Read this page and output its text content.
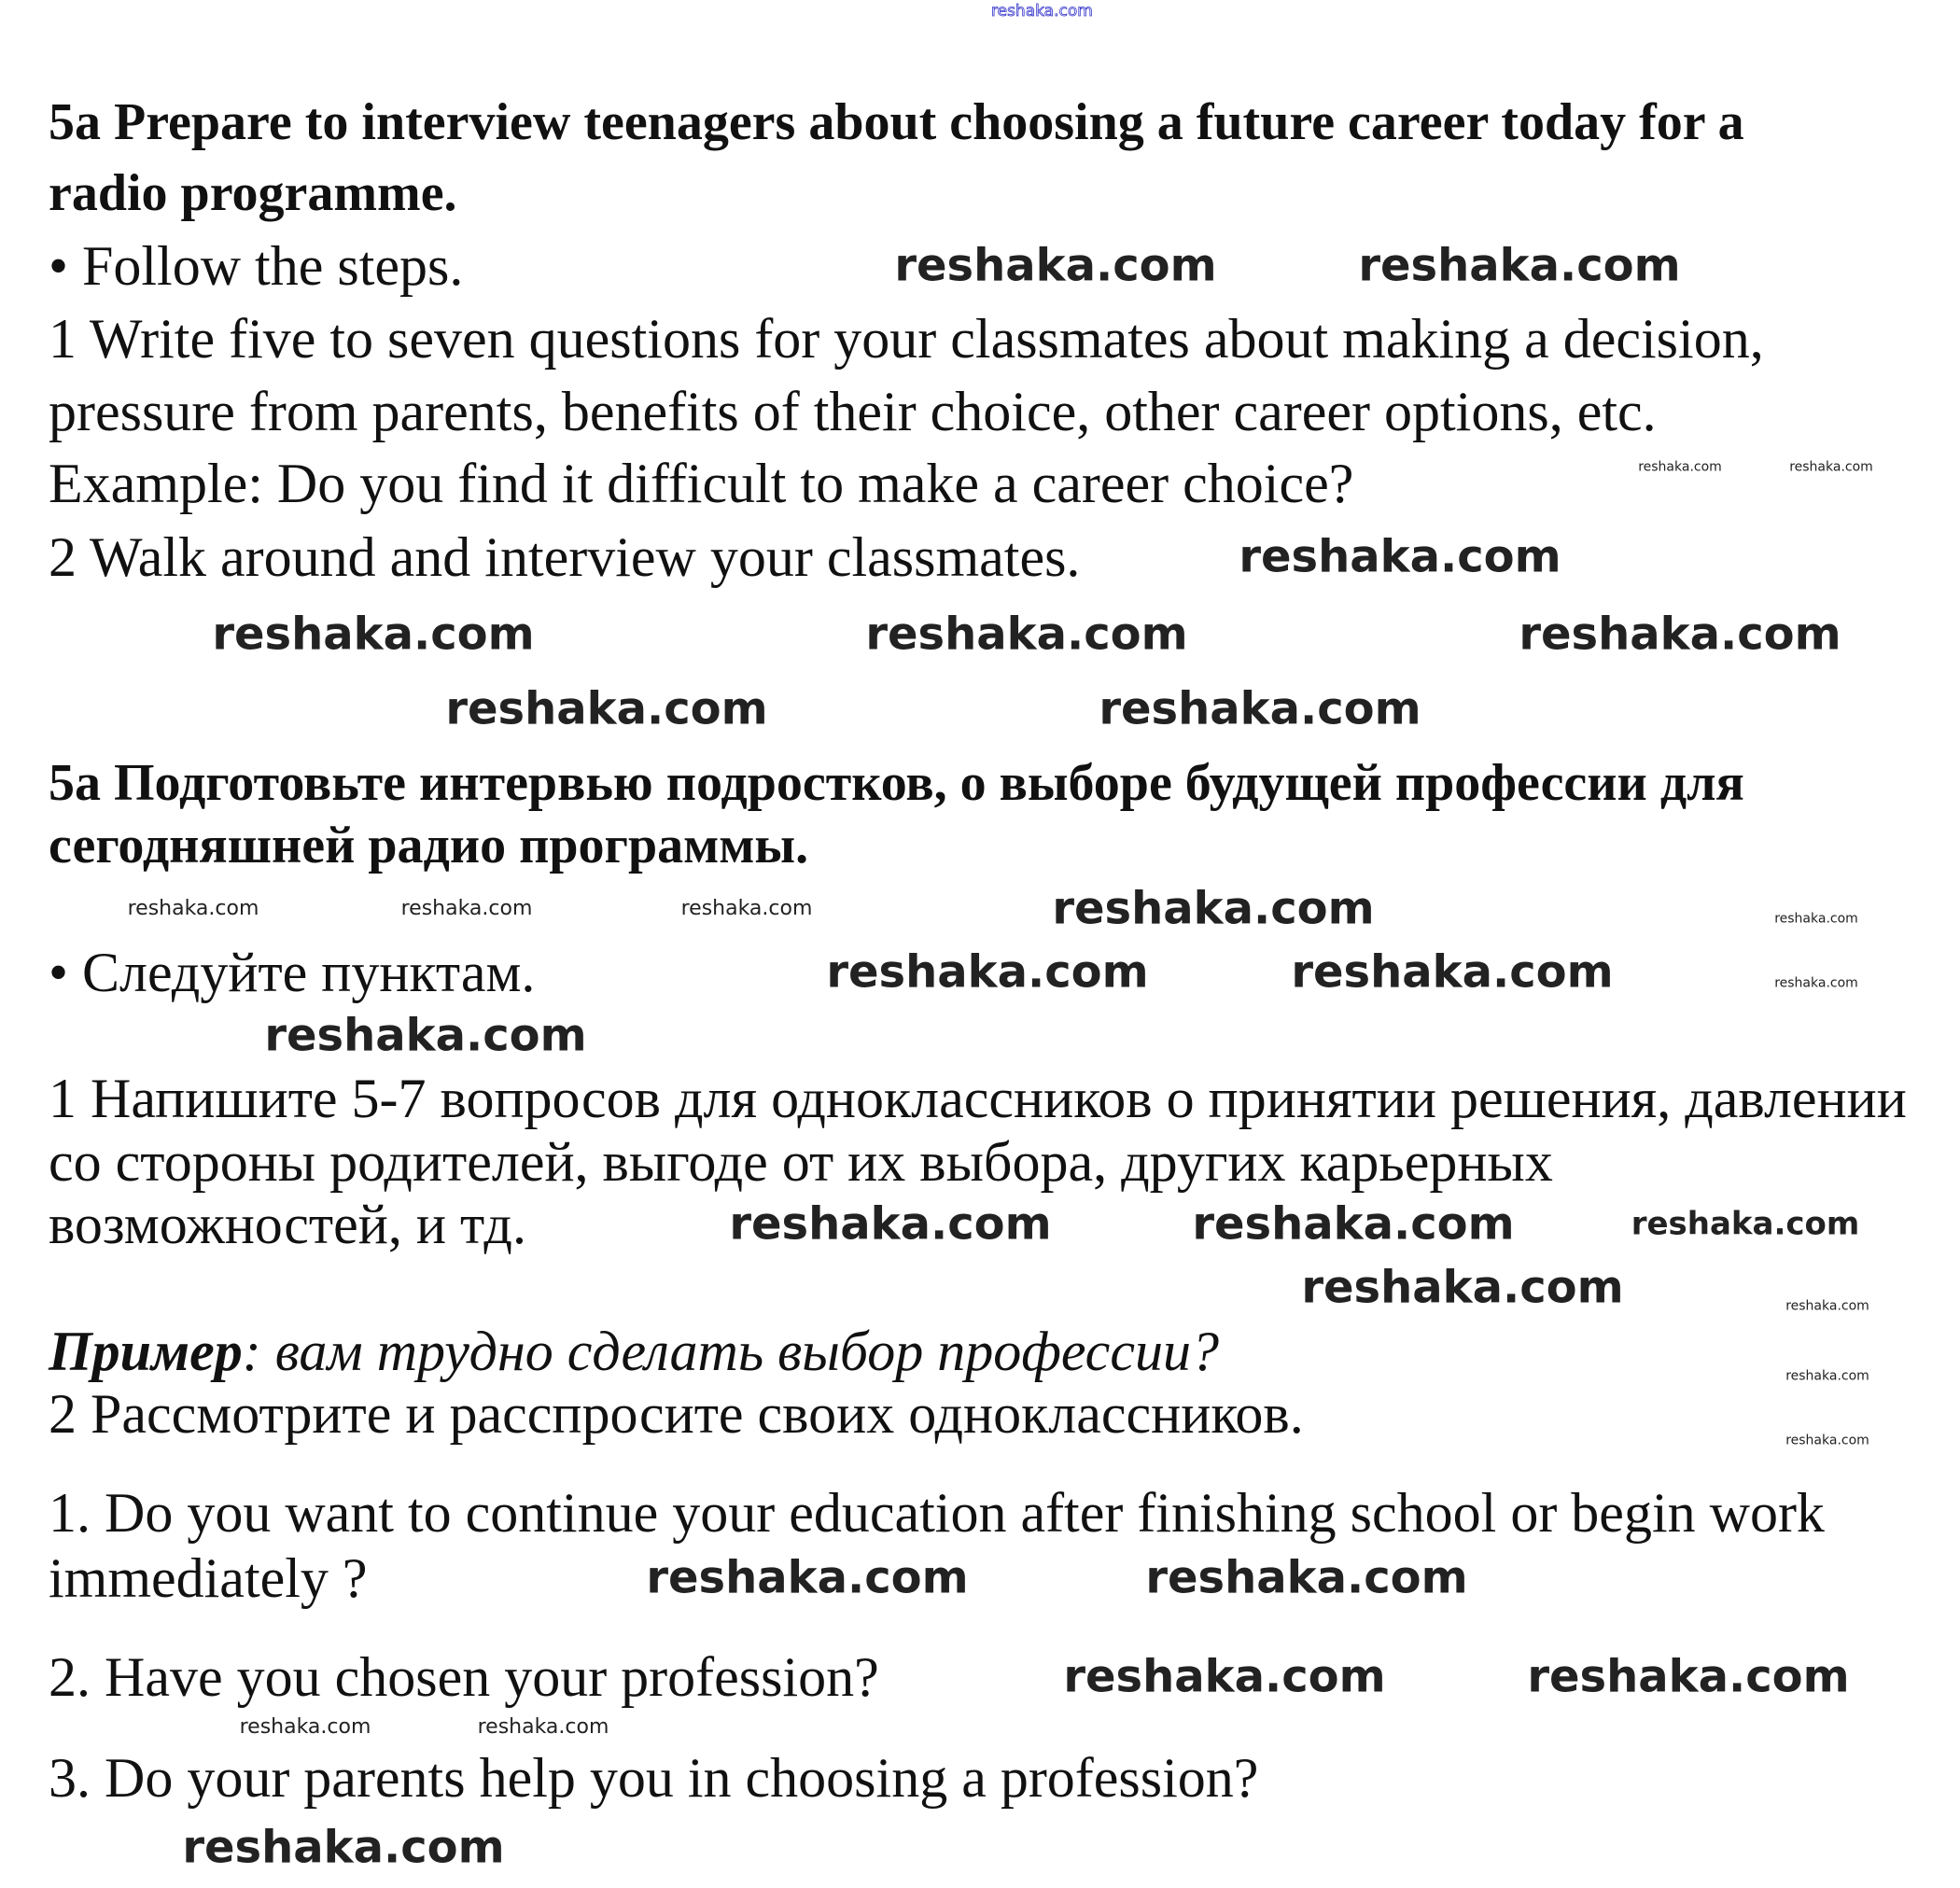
reshaka.com
5a Prepare to interview teenagers about choosing a future career today for a
radio programme.
• Follow the steps.
1 Write five to seven questions for your classmates about making a decision,
pressure from parents, benefits of their choice, other career options, etc.
Example: Do you find it difficult to make a career choice?
2 Walk around and interview your classmates.
5a Подготовьте интервью подростков, о выборе будущей профессии для
сегодняшней радио программы.
• Следуйте пунктам.
1 Напишите 5-7 вопросов для одноклассников о принятии решения, давлении
со стороны родителей, выгоде от их выбора, других карьерных
возможностей, и тд.
Пример: вам трудно сделать выбор профессии?
2 Рассмотрите и расспросите своих одноклассников.
1. Do you want to continue your education after finishing school or begin work
immediately ?
2. Have you chosen your profession?
3. Do your parents help you in choosing a profession?
reshaka.com	reshaka.com
reshaka.com
reshaka.com	reshaka.com	reshaka.com
reshaka.com	reshaka.com
reshaka.com
reshaka.com	reshaka.com
reshaka.com
reshaka.com	reshaka.com	reshaka.com
reshaka.com
reshaka.com	reshaka.com
reshaka.com	reshaka.com
reshaka.com
reshaka.com	reshaka.com	reshaka.com
reshaka.com	reshaka.com
reshaka.com	reshaka.com
reshaka.com
reshaka.com
reshaka.com
reshaka.com
reshaka.com
